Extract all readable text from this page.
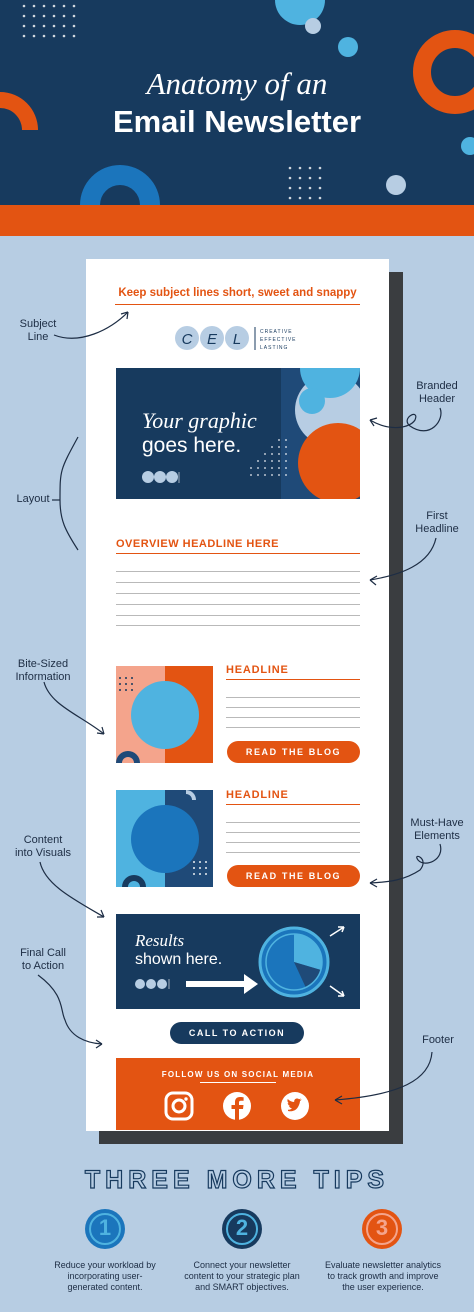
Anatomy of an
Email Newsletter
Keep subject lines short, sweet and snappy
C E L	CREATIVE
EFFECTIVE
LASTING
Your graphic
goes here.
OVERVIEW HEADLINE HERE
HEADLINE
READ THE BLOG
HEADLINE
READ THE BLOG
Results
shown here.
CALL TO ACTION
FOLLOW US ON SOCIAL MEDIA
Subject
Line
Layout
Bite-Sized
Information
Content
into Visuals
Final Call
to Action
Branded
Header
First
Headline
Must-Have
Elements
Footer
THREE MORE TIPS
1	2	3
Reduce your workload by incorporating user-generated content.
Connect your newsletter content to your strategic plan and SMART objectives.
Evaluate newsletter analytics to track growth and improve the user experience.
